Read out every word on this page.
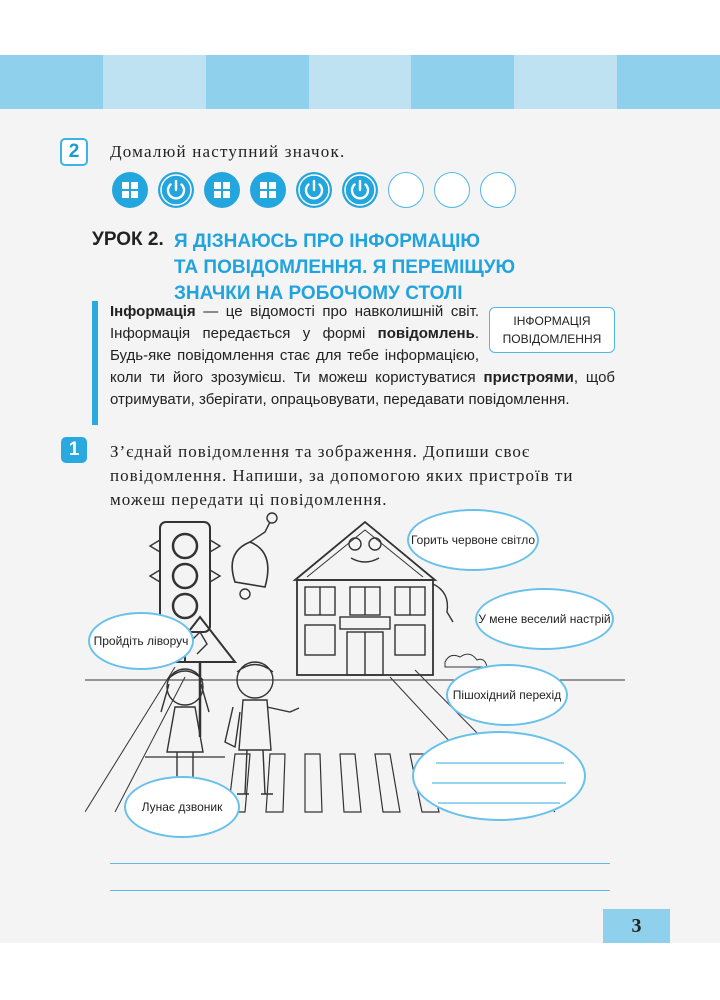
2	Домалюй наступний значок.
УРОК 2. Я ДІЗНАЮСЬ ПРО ІНФОРМАЦІЮ
ТА ПОВІДОМЛЕННЯ. Я ПЕРЕМІЩУЮ
ЗНАЧКИ НА РОБОЧОМУ СТОЛІ
ІНФОРМАЦІЯ
ПОВІДОМЛЕННЯ
Інформація — це відомості про навколишній світ. Інформація передається у формі повідомлень. Будь-яке повідомлення стає для тебе інформацією, коли ти його зрозумієш. Ти можеш користуватися пристроями, щоб отримувати, зберігати, опрацьовувати, передавати повідомлення.
1	З’єднай повідомлення та зображення. Допиши своє повідомлення. Напиши, за допомогою яких пристроїв ти можеш передати ці повідомлення.
Горить червоне світло
У мене веселий настрій
Пройдіть ліворуч
Пішохідний перехід
Лунає дзвоник
3
